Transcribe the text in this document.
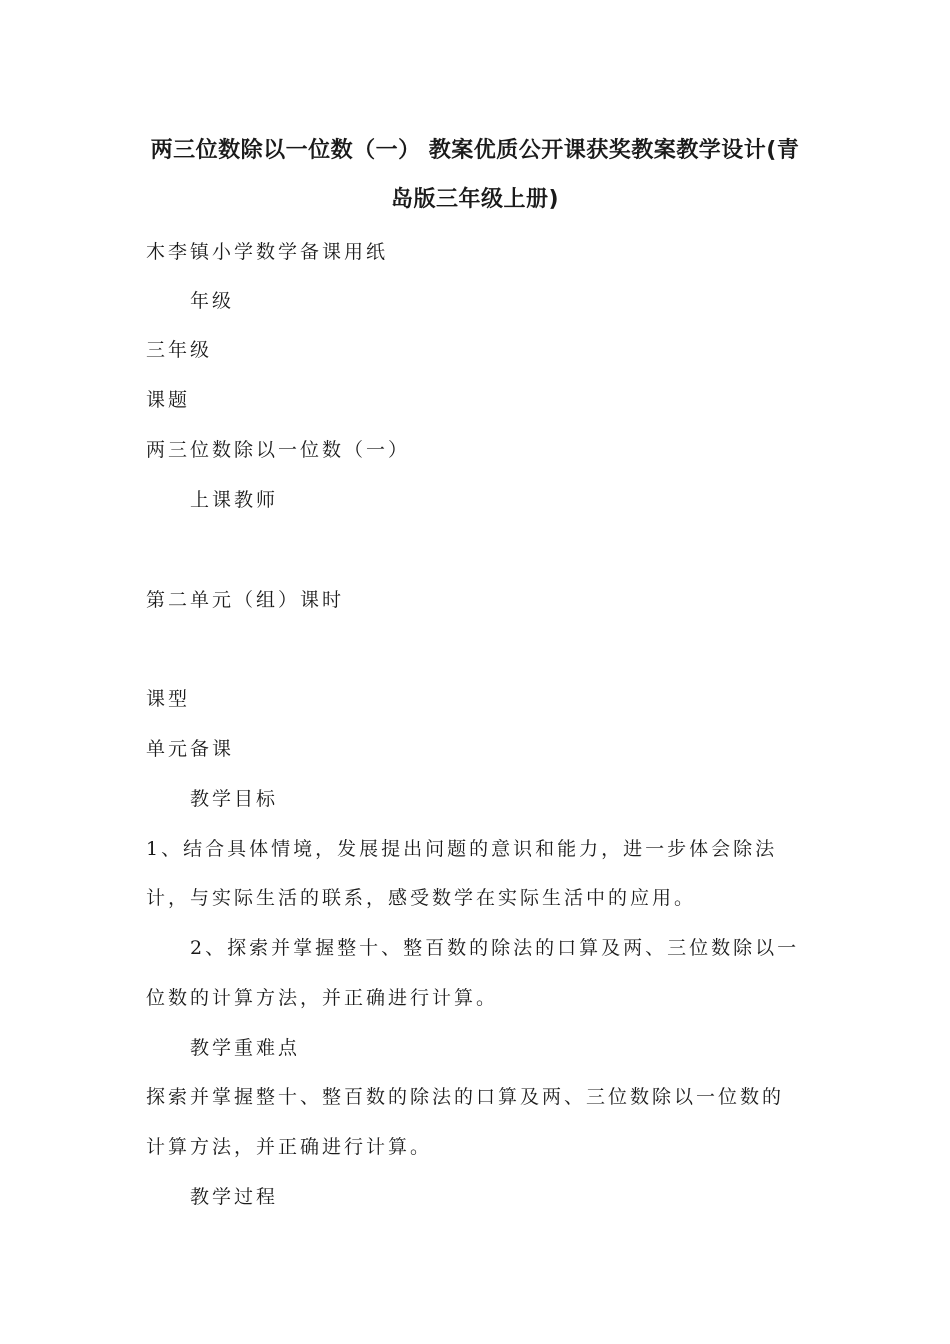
两三位数除以一位数（一） 教案优质公开课获奖教案教学设计(青
岛版三年级上册)
木李镇小学数学备课用纸
年级
三年级
课题
两三位数除以一位数（一）
上课教师
第二单元（组）课时
课型
单元备课
教学目标
1、结合具体情境，发展提出问题的意识和能力，进一步体会除法
计，与实际生活的联系，感受数学在实际生活中的应用。
2、探索并掌握整十、整百数的除法的口算及两、三位数除以一
位数的计算方法，并正确进行计算。
教学重难点
探索并掌握整十、整百数的除法的口算及两、三位数除以一位数的
计算方法，并正确进行计算。
教学过程
